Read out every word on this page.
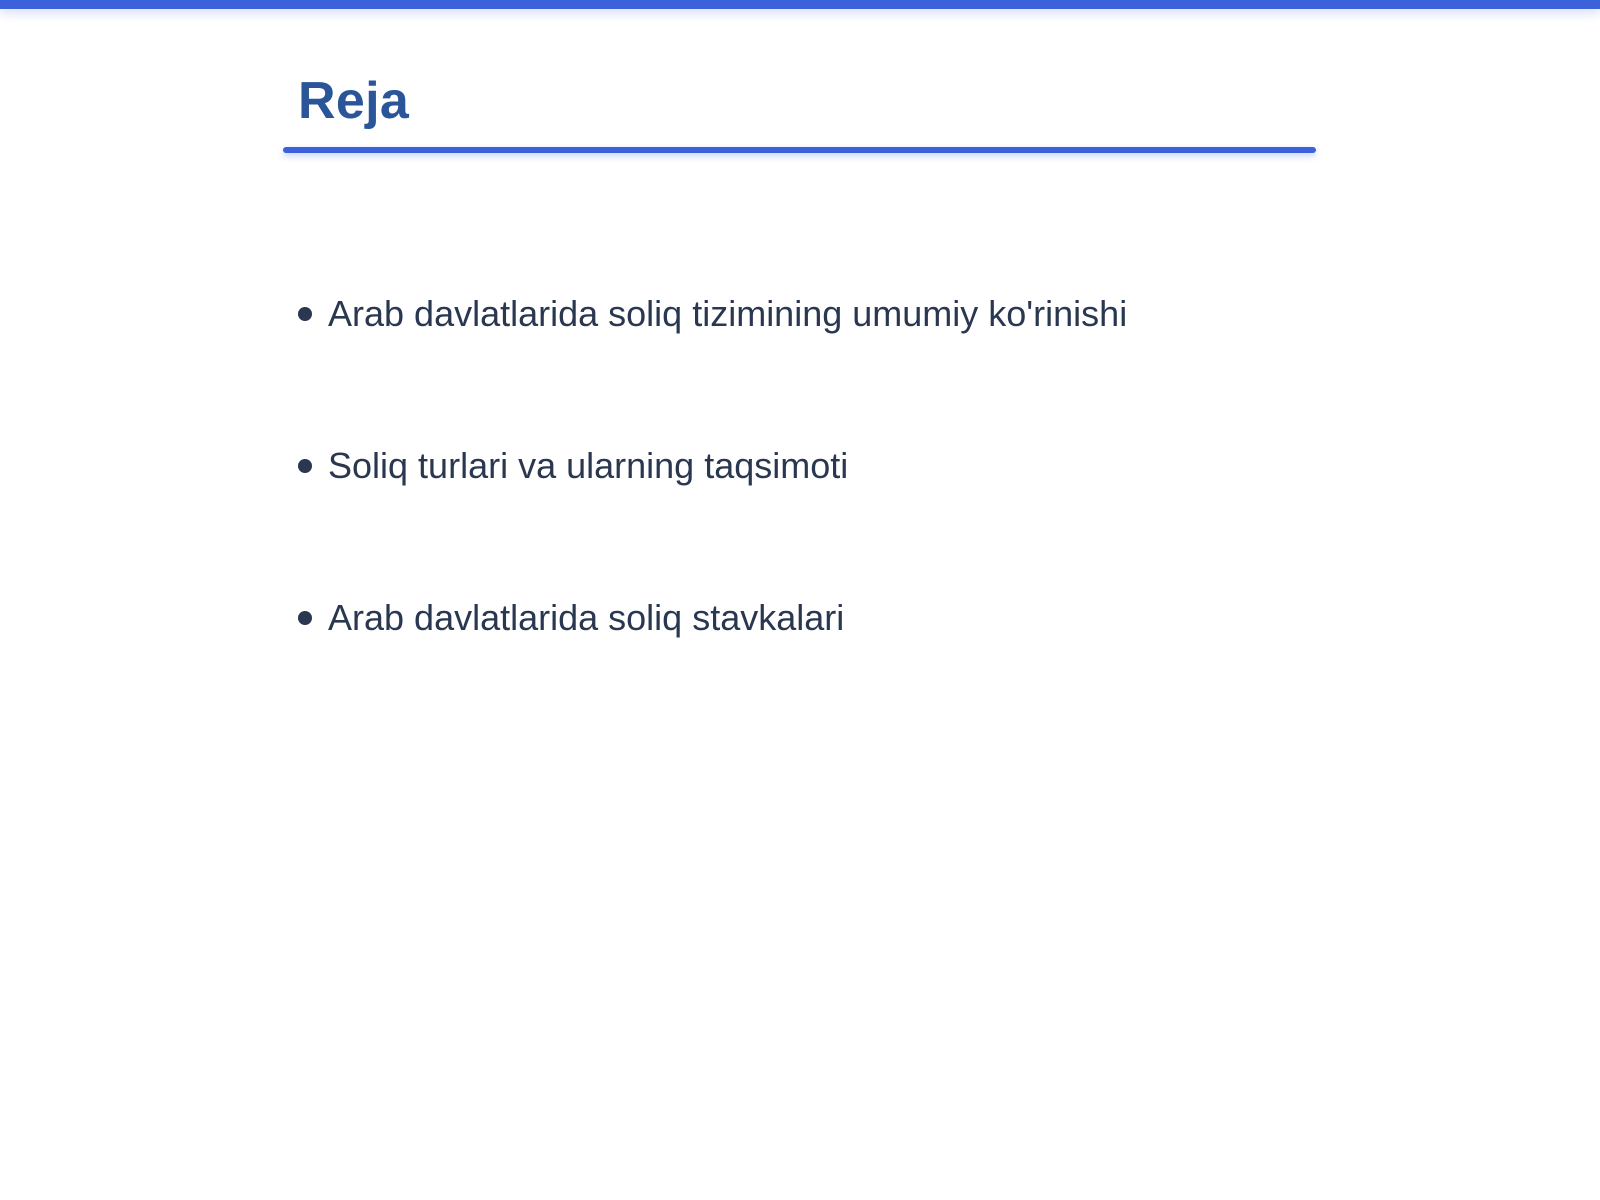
Reja
Arab davlatlarida soliq tizimining umumiy ko'rinishi
Soliq turlari va ularning taqsimoti
Arab davlatlarida soliq stavkalari
